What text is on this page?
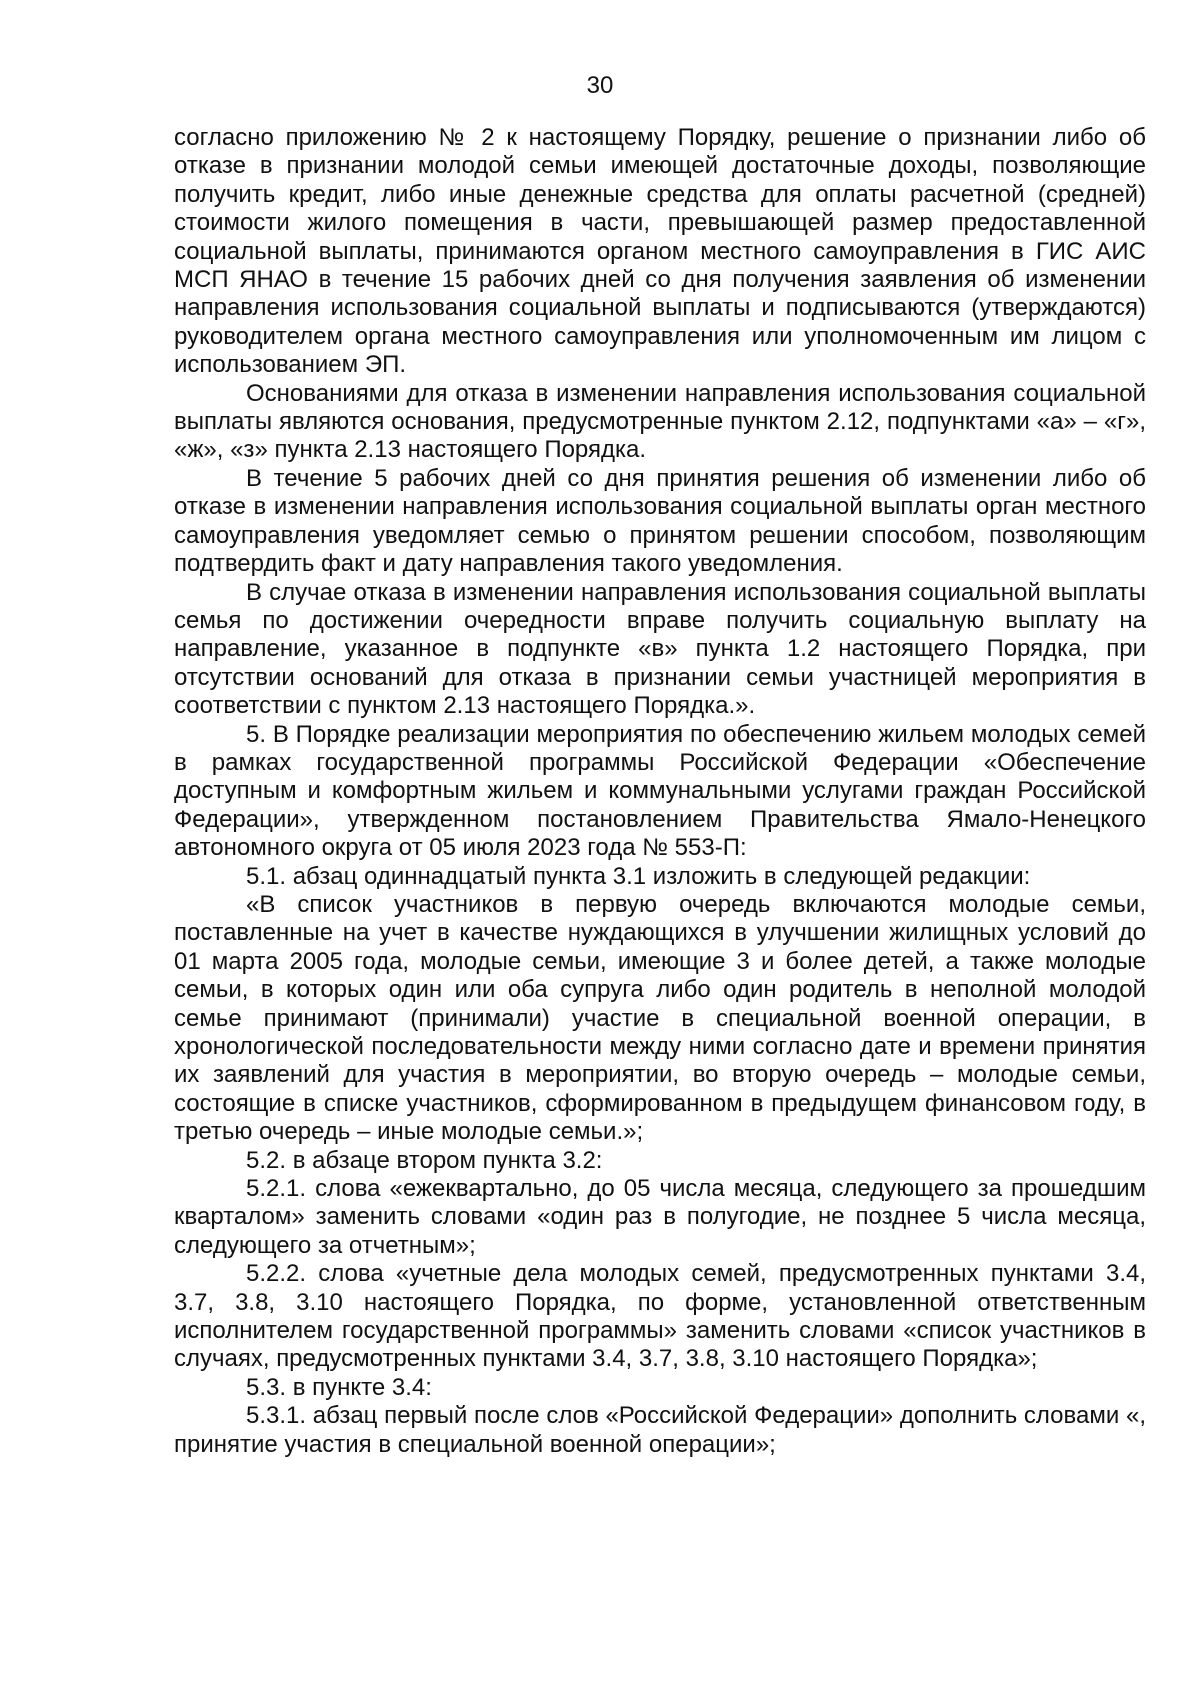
30

согласно приложению № 2 к настоящему Порядку, решение о признании либо об отказе в признании молодой семьи имеющей достаточные доходы, позволяющие получить кредит, либо иные денежные средства для оплаты расчетной (средней) стоимости жилого помещения в части, превышающей размер предоставленной социальной выплаты, принимаются органом местного самоуправления в ГИС АИС МСП ЯНАО в течение 15 рабочих дней со дня получения заявления об изменении направления использования социальной выплаты и подписываются (утверждаются) руководителем органа местного самоуправления или уполномоченным им лицом с использованием ЭП.

Основаниями для отказа в изменении направления использования социальной выплаты являются основания, предусмотренные пунктом 2.12, подпунктами «а» – «г», «ж», «з» пункта 2.13 настоящего Порядка.

В течение 5 рабочих дней со дня принятия решения об изменении либо об отказе в изменении направления использования социальной выплаты орган местного самоуправления уведомляет семью о принятом решении способом, позволяющим подтвердить факт и дату направления такого уведомления.

В случае отказа в изменении направления использования социальной выплаты семья по достижении очередности вправе получить социальную выплату на направление, указанное в подпункте «в» пункта 1.2 настоящего Порядка, при отсутствии оснований для отказа в признании семьи участницей мероприятия в соответствии с пунктом 2.13 настоящего Порядка.».

5. В Порядке реализации мероприятия по обеспечению жильем молодых семей в рамках государственной программы Российской Федерации «Обеспечение доступным и комфортным жильем и коммунальными услугами граждан Российской Федерации», утвержденном постановлением Правительства Ямало-Ненецкого автономного округа от 05 июля 2023 года № 553-П:

5.1. абзац одиннадцатый пункта 3.1 изложить в следующей редакции:

«В список участников в первую очередь включаются молодые семьи, поставленные на учет в качестве нуждающихся в улучшении жилищных условий до 01 марта 2005 года, молодые семьи, имеющие 3 и более детей, а также молодые семьи, в которых один или оба супруга либо один родитель в неполной молодой семье принимают (принимали) участие в специальной военной операции, в хронологической последовательности между ними согласно дате и времени принятия их заявлений для участия в мероприятии, во вторую очередь – молодые семьи, состоящие в списке участников, сформированном в предыдущем финансовом году, в третью очередь – иные молодые семьи.»;

5.2. в абзаце втором пункта 3.2:

5.2.1. слова «ежеквартально, до 05 числа месяца, следующего за прошедшим кварталом» заменить словами «один раз в полугодие, не позднее 5 числа месяца, следующего за отчетным»;

5.2.2. слова «учетные дела молодых семей, предусмотренных пунктами 3.4, 3.7, 3.8, 3.10 настоящего Порядка, по форме, установленной ответственным исполнителем государственной программы» заменить словами «список участников в случаях, предусмотренных пунктами 3.4, 3.7, 3.8, 3.10 настоящего Порядка»;

5.3. в пункте 3.4:

5.3.1. абзац первый после слов «Российской Федерации» дополнить словами «, принятие участия в специальной военной операции»;
